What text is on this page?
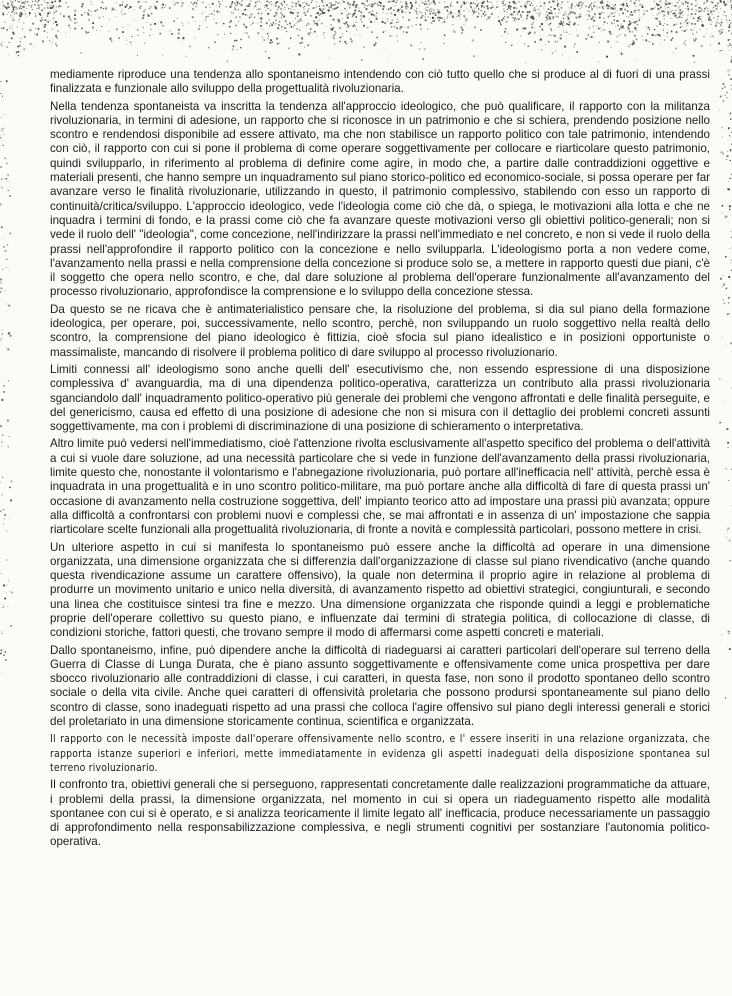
mediamente riproduce una tendenza allo spontaneismo intendendo con ciò tutto quello che si produce al di fuori di una prassi finalizzata e funzionale allo sviluppo della progettualità rivoluzionaria.

Nella tendenza spontaneista va inscritta la tendenza all'approccio ideologico, che può qualificare, il rapporto con la militanza rivoluzionaria, in termini di adesione, un rapporto che si riconosce in un patrimonio e che si schiera, prendendo posizione nello scontro e rendendosi disponibile ad essere attivato, ma che non stabilisce un rapporto politico con tale patrimonio, intendendo con ciò, il rapporto con cui si pone il problema di come operare soggettivamente per collocare e riarticolare questo patrimonio, quindi svilupparlo, in riferimento al problema di definire come agire, in modo che, a partire dalle contraddizioni oggettive e materiali presenti, che hanno sempre un inquadramento sul piano storico-politico ed economico-sociale, si possa operare per far avanzare verso le finalità rivoluzionarie, utilizzando in questo, il patrimonio complessivo, stabilendo con esso un rapporto di continuità/critica/sviluppo. L'approccio ideologico, vede l'ideologia come ciò che dà, o spiega, le motivazioni alla lotta e che ne inquadra i termini di fondo, e la prassi come ciò che fa avanzare queste motivazioni verso gli obiettivi politico-generali; non si vede il ruolo dell' "ideologia", come concezione, nell'indirizzare la prassi nell'immediato e nel concreto, e non si vede il ruolo della prassi nell'approfondire il rapporto politico con la concezione e nello svilupparla. L'ideologismo porta a non vedere come, l'avanzamento nella prassi e nella comprensione della concezione si produce solo se, a mettere in rapporto questi due piani, c'è il soggetto che opera nello scontro, e che, dal dare soluzione al problema dell'operare funzionalmente all'avanzamento del processo rivoluzionario, approfondisce la comprensione e lo sviluppo della concezione stessa.

Da questo se ne ricava che è antimaterialistico pensare che, la risoluzione del problema, si dia sul piano della formazione ideologica, per operare, poi, successivamente, nello scontro, perchè, non sviluppando un ruolo soggettivo nella realtà dello scontro, la comprensione del piano ideologico è fittizia, cioè sfocia sul piano idealistico e in posizioni opportuniste o massimaliste, mancando di risolvere il problema politico di dare sviluppo al processo rivoluzionario.

Limiti connessi all' ideologismo sono anche quelli dell' esecutivismo che, non essendo espressione di una disposizione complessiva d' avanguardia, ma di una dipendenza politico-operativa, caratterizza un contributo alla prassi rivoluzionaria sganciandolo dall' inquadramento politico-operativo più generale dei problemi che vengono affrontati e delle finalità perseguite, e del genericismo, causa ed effetto di una posizione di adesione che non si misura con il dettaglio dei problemi concreti assunti soggettivamente, ma con i problemi di discriminazione di una posizione di schieramento o interpretativa.

Altro limite può vedersi nell'immediatismo, cioè l'attenzione rivolta esclusivamente all'aspetto specifico del problema o dell'attività a cui si vuole dare soluzione, ad una necessità particolare che si vede in funzione dell'avanzamento della prassi rivoluzionaria, limite questo che, nonostante il volontarismo e l'abnegazione rivoluzionaria, può portare all'inefficacia nell' attività, perchè essa è inquadrata in una progettualità e in uno scontro politico-militare, ma può portare anche alla difficoltà di fare di questa prassi un' occasione di avanzamento nella costruzione soggettiva, dell' impianto teorico atto ad impostare una prassi più avanzata; oppure alla difficoltà a confrontarsi con problemi nuovi e complessi che, se mai affrontati e in assenza di un' impostazione che sappia riarticolare scelte funzionali alla progettualità rivoluzionaria, di fronte a novità e complessità particolari, possono mettere in crisi.

Un ulteriore aspetto in cui si manifesta lo spontaneismo può essere anche la difficoltà ad operare in una dimensione organizzata, una dimensione organizzata che si differenzia dall'organizzazione di classe sul piano rivendicativo (anche quando questa rivendicazione assume un carattere offensivo), la quale non determina il proprio agire in relazione al problema di produrre un movimento unitario e unico nella diversità, di avanzamento rispetto ad obiettivi strategici, congiunturali, e secondo una linea che costituisce sintesi tra fine e mezzo. Una dimensione organizzata che risponde quindi a leggi e problematiche proprie dell'operare collettivo su questo piano, e influenzate dai termini di strategia politica, di collocazione di classe, di condizioni storiche, fattori questi, che trovano sempre il modo di affermarsi come aspetti concreti e materiali.

Dallo spontaneismo, infine, può dipendere anche la difficoltà di riadeguarsi ai caratteri particolari dell'operare sul terreno della Guerra di Classe di Lunga Durata, che è piano assunto soggettivamente e offensivamente come unica prospettiva per dare sbocco rivoluzionario alle contraddizioni di classe, i cui caratteri, in questa fase, non sono il prodotto spontaneo dello scontro sociale o della vita civile. Anche quei caratteri di offensività proletaria che possono prodursi spontaneamente sul piano dello scontro di classe, sono inadeguati rispetto ad una prassi che colloca l'agire offensivo sul piano degli interessi generali e storici del proletariato in una dimensione storicamente continua, scientifica e organizzata.

Il rapporto con le necessità imposte dall'operare offensivamente nello scontro, e l' essere inseriti in una relazione organizzata, che rapporta istanze superiori e inferiori, mette immediatamente in evidenza gli aspetti inadeguati della disposizione spontanea sul terreno rivoluzionario.

Il confronto tra, obiettivi generali che si perseguono, rappresentati concretamente dalle realizzazioni programmatiche da attuare, i problemi della prassi, la dimensione organizzata, nel momento in cui si opera un riadeguamento rispetto alle modalità spontanee con cui si è operato, e si analizza teoricamente il limite legato all' inefficacia, produce necessariamente un passaggio di approfondimento nella responsabilizzazione complessiva, e negli strumenti cognitivi per sostanziare l'autonomia politico-operativa.
